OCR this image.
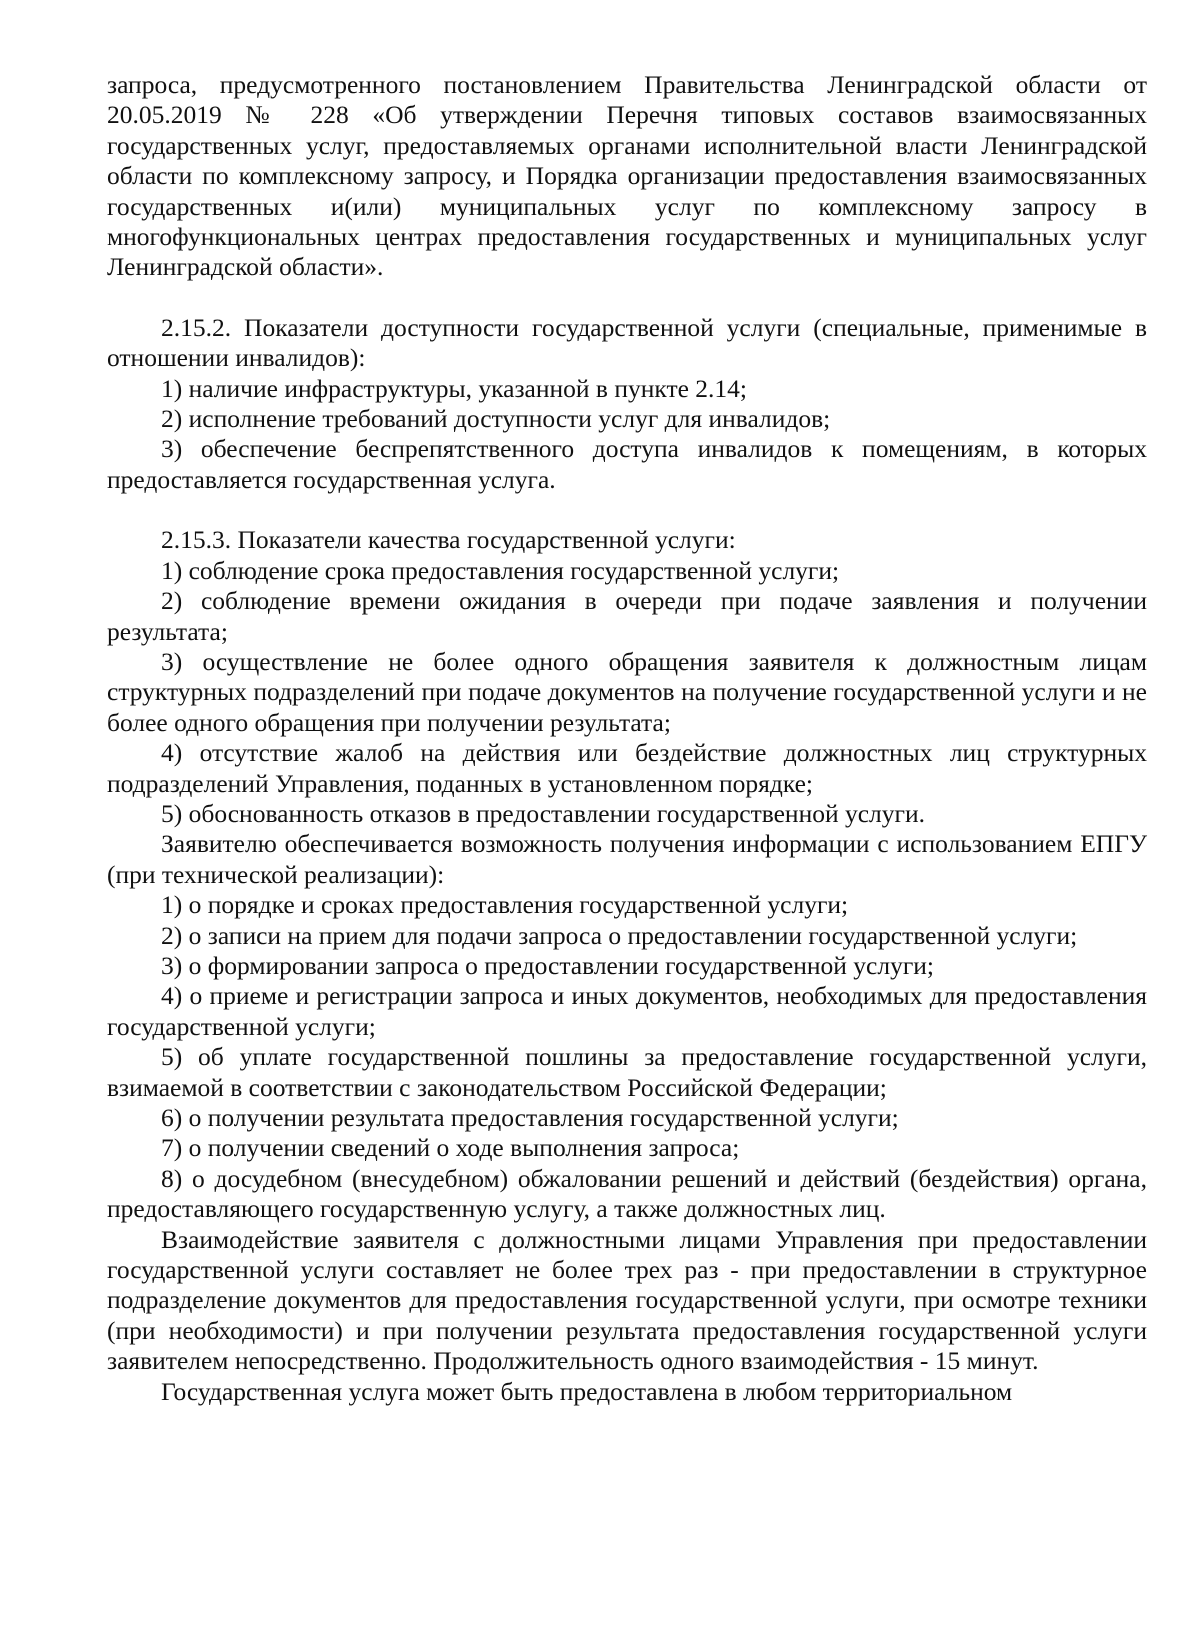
запроса, предусмотренного постановлением Правительства Ленинградской области от 20.05.2019 № 228 «Об утверждении Перечня типовых составов взаимосвязанных государственных услуг, предоставляемых органами исполнительной власти Ленинградской области по комплексному запросу, и Порядка организации предоставления взаимосвязанных государственных и(или) муниципальных услуг по комплексному запросу в многофункциональных центрах предоставления государственных и муниципальных услуг Ленинградской области».

2.15.2. Показатели доступности государственной услуги (специальные, применимые в отношении инвалидов):

1) наличие инфраструктуры, указанной в пункте 2.14;

2) исполнение требований доступности услуг для инвалидов;

3) обеспечение беспрепятственного доступа инвалидов к помещениям, в которых предоставляется государственная услуга.

2.15.3. Показатели качества государственной услуги:

1) соблюдение срока предоставления государственной услуги;

2) соблюдение времени ожидания в очереди при подаче заявления и получении результата;

3) осуществление не более одного обращения заявителя к должностным лицам структурных подразделений при подаче документов на получение государственной услуги и не более одного обращения при получении результата;

4) отсутствие жалоб на действия или бездействие должностных лиц структурных подразделений Управления, поданных в установленном порядке;

5) обоснованность отказов в предоставлении государственной услуги.

Заявителю обеспечивается возможность получения информации с использованием ЕПГУ (при технической реализации):

1) о порядке и сроках предоставления государственной услуги;

2) о записи на прием для подачи запроса о предоставлении государственной услуги;

3) о формировании запроса о предоставлении государственной услуги;

4) о приеме и регистрации запроса и иных документов, необходимых для предоставления государственной услуги;

5) об уплате государственной пошлины за предоставление государственной услуги, взимаемой в соответствии с законодательством Российской Федерации;

6) о получении результата предоставления государственной услуги;

7) о получении сведений о ходе выполнения запроса;

8) о досудебном (внесудебном) обжаловании решений и действий (бездействия) органа, предоставляющего государственную услугу, а также должностных лиц.

Взаимодействие заявителя с должностными лицами Управления при предоставлении государственной услуги составляет не более трех раз - при предоставлении в структурное подразделение документов для предоставления государственной услуги, при осмотре техники (при необходимости) и при получении результата предоставления государственной услуги заявителем непосредственно. Продолжительность одного взаимодействия - 15 минут.

Государственная услуга может быть предоставлена в любом территориальном
